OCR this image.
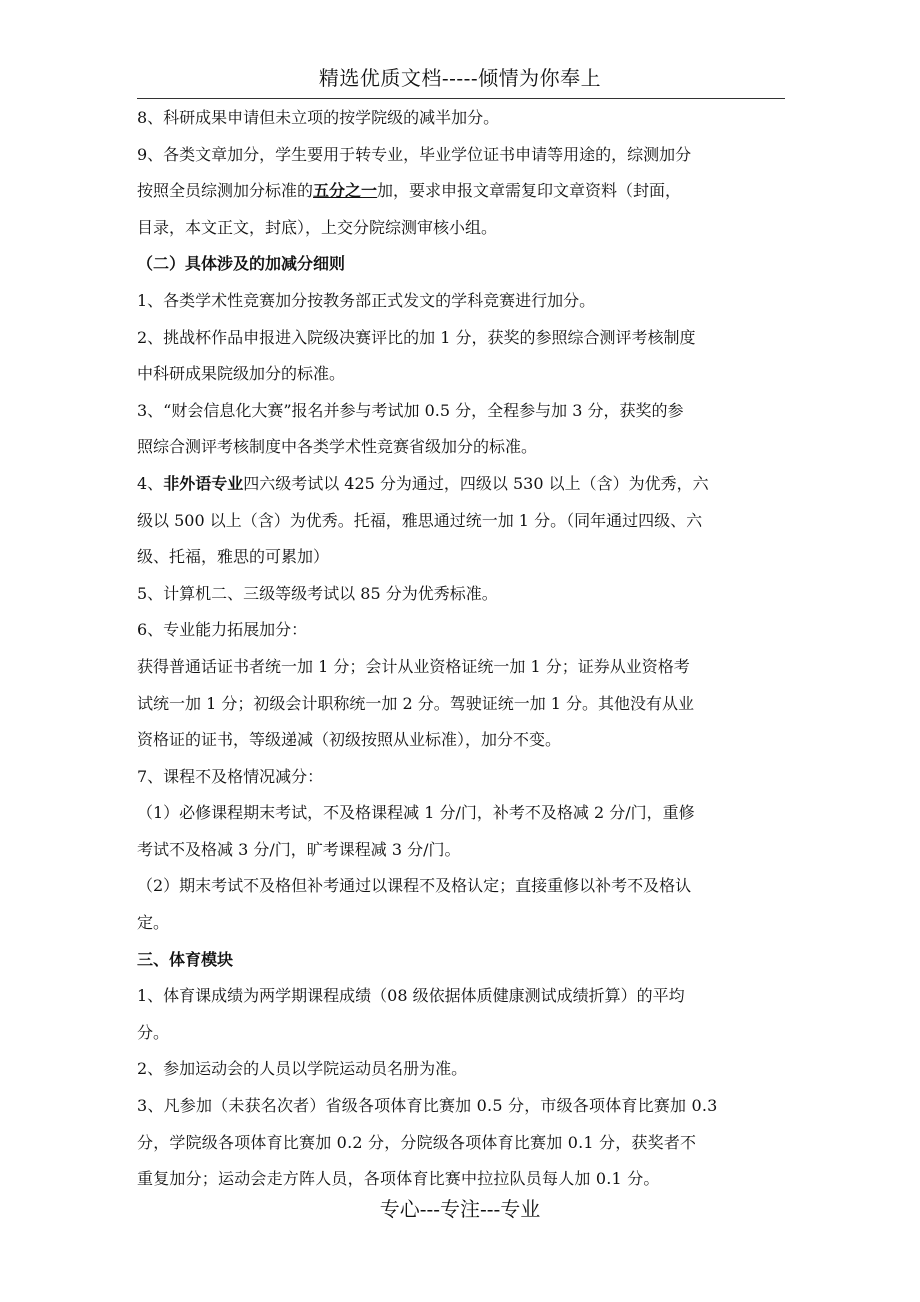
精选优质文档-----倾情为你奉上

8、科研成果申请但未立项的按学院级的减半加分。

9、各类文章加分，学生要用于转专业，毕业学位证书申请等用途的，综测加分

按照全员综测加分标准的五分之一加，要求申报文章需复印文章资料（封面，

目录，本文正文，封底），上交分院综测审核小组。

（二）具体涉及的加减分细则

1、各类学术性竞赛加分按教务部正式发文的学科竞赛进行加分。

2、挑战杯作品申报进入院级决赛评比的加 1 分，获奖的参照综合测评考核制度

中科研成果院级加分的标准。

3、“财会信息化大赛”报名并参与考试加 0.5 分，全程参与加 3 分，获奖的参

照综合测评考核制度中各类学术性竞赛省级加分的标准。

4、非外语专业四六级考试以 425 分为通过，四级以 530 以上（含）为优秀，六

级以 500 以上（含）为优秀。托福，雅思通过统一加 1 分。（同年通过四级、六

级、托福，雅思的可累加）

5、计算机二、三级等级考试以 85 分为优秀标准。

6、专业能力拓展加分：

获得普通话证书者统一加 1 分；会计从业资格证统一加 1 分；证券从业资格考

试统一加 1 分；初级会计职称统一加 2 分。驾驶证统一加 1 分。其他没有从业

资格证的证书，等级递减（初级按照从业标准），加分不变。

7、课程不及格情况减分：

（1）必修课程期末考试，不及格课程减 1 分/门，补考不及格减 2 分/门，重修

考试不及格减 3 分/门，旷考课程减 3 分/门。

（2）期末考试不及格但补考通过以课程不及格认定；直接重修以补考不及格认

定。

三、体育模块

1、体育课成绩为两学期课程成绩（08 级依据体质健康测试成绩折算）的平均

分。

2、参加运动会的人员以学院运动员名册为准。

3、凡参加（未获名次者）省级各项体育比赛加 0.5 分，市级各项体育比赛加 0.3

分，学院级各项体育比赛加 0.2 分，分院级各项体育比赛加 0.1 分，获奖者不

重复加分；运动会走方阵人员，各项体育比赛中拉拉队员每人加 0.1 分。

专心---专注---专业
